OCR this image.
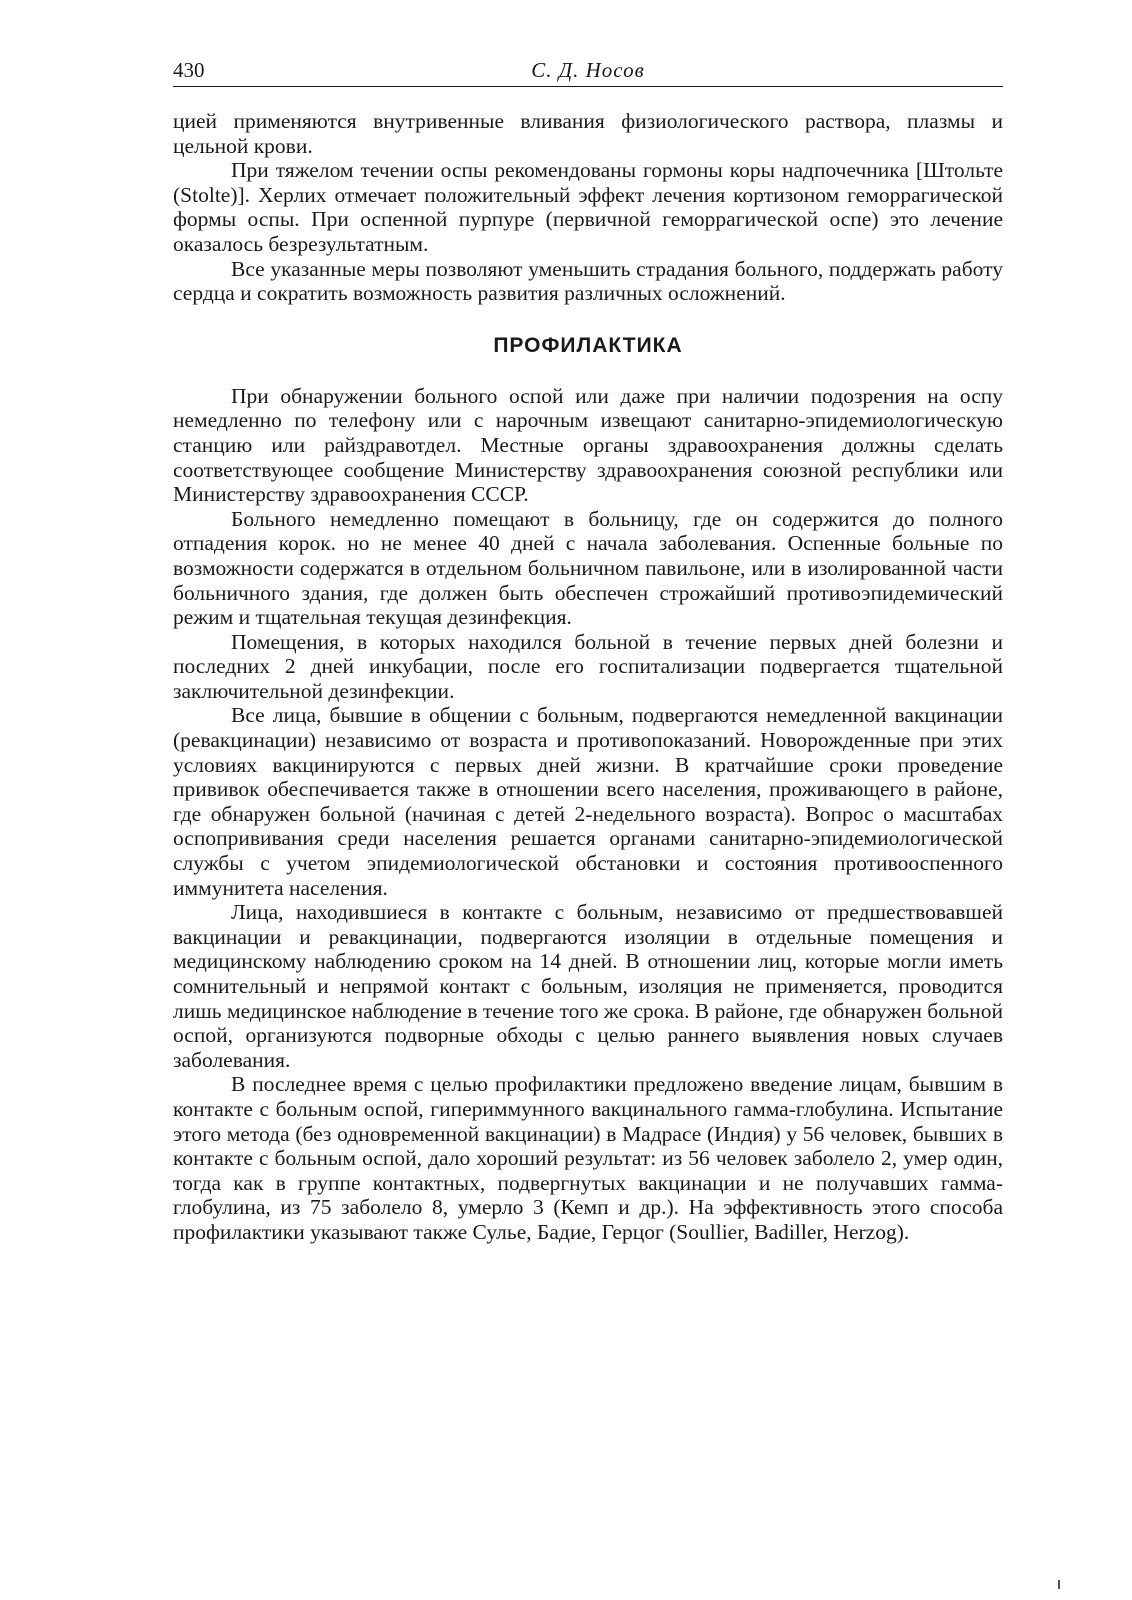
430	С. Д. Носов

цией применяются внутривенные вливания физиологического раствора, плазмы и цельной крови.

При тяжелом течении оспы рекомендованы гормоны коры надпочечника [Штольте (Stolte)]. Херлих отмечает положительный эффект лечения кортизоном геморрагической формы оспы. При оспенной пурпуре (первичной геморрагической оспе) это лечение оказалось безрезультатным.

Все указанные меры позволяют уменьшить страдания больного, поддержать работу сердца и сократить возможность развития различных осложнений.

ПРОФИЛАКТИКА

При обнаружении больного оспой или даже при наличии подозрения на оспу немедленно по телефону или с нарочным извещают санитарно-эпидемиологическую станцию или райздравотдел. Местные органы здравоохранения должны сделать соответствующее сообщение Министерству здравоохранения союзной республики или Министерству здравоохранения СССР.

Больного немедленно помещают в больницу, где он содержится до полного отпадения корок. но не менее 40 дней с начала заболевания. Оспенные больные по возможности содержатся в отдельном больничном павильоне, или в изолированной части больничного здания, где должен быть обеспечен строжайший противоэпидемический режим и тщательная текущая дезинфекция.

Помещения, в которых находился больной в течение первых дней болезни и последних 2 дней инкубации, после его госпитализации подвергается тщательной заключительной дезинфекции.

Все лица, бывшие в общении с больным, подвергаются немедленной вакцинации (ревакцинации) независимо от возраста и противопоказаний. Новорожденные при этих условиях вакцинируются с первых дней жизни. В кратчайшие сроки проведение прививок обеспечивается также в отношении всего населения, проживающего в районе, где обнаружен больной (начиная с детей 2-недельного возраста). Вопрос о масштабах оспопрививания среди населения решается органами санитарно-эпидемиологической службы с учетом эпидемиологической обстановки и состояния противооспенного иммунитета населения.

Лица, находившиеся в контакте с больным, независимо от предшествовавшей вакцинации и ревакцинации, подвергаются изоляции в отдельные помещения и медицинскому наблюдению сроком на 14 дней. В отношении лиц, которые могли иметь сомнительный и непрямой контакт с больным, изоляция не применяется, проводится лишь медицинское наблюдение в течение того же срока. В районе, где обнаружен больной оспой, организуются подворные обходы с целью раннего выявления новых случаев заболевания.

В последнее время с целью профилактики предложено введение лицам, бывшим в контакте с больным оспой, гипериммунного вакцинального гамма-глобулина. Испытание этого метода (без одновременной вакцинации) в Мадрасе (Индия) у 56 человек, бывших в контакте с больным оспой, дало хороший результат: из 56 человек заболело 2, умер один, тогда как в группе контактных, подвергнутых вакцинации и не получавших гамма-глобулина, из 75 заболело 8, умерло 3 (Кемп и др.). На эффективность этого способа профилактики указывают также Сулье, Бадие, Герцог (Soullier, Badiller, Herzog).
